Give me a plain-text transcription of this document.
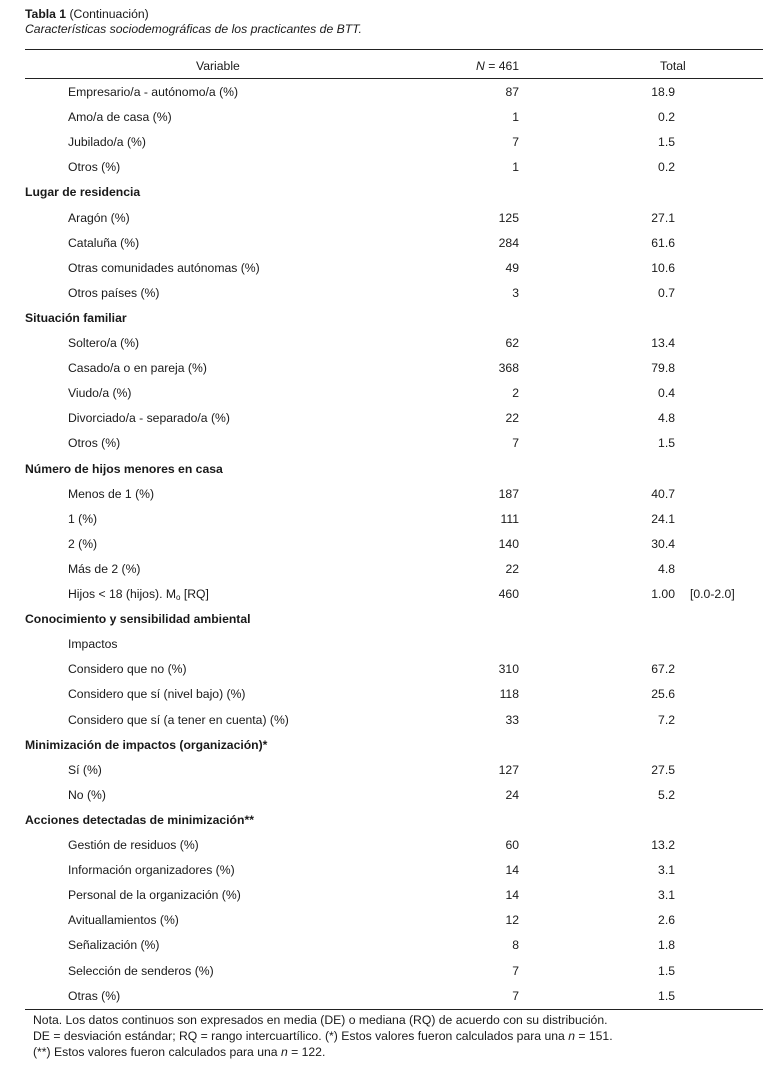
Tabla 1 (Continuación)
Características sociodemográficas de los practicantes de BTT.
Variable	N = 461	Total
Empresario/a - autónomo/a (%)	87	18.9
Amo/a de casa (%)	1	0.2
Jubilado/a (%)	7	1.5
Otros (%)	1	0.2
Lugar de residencia
Aragón (%)	125	27.1
Cataluña (%)	284	61.6
Otras comunidades autónomas (%)	49	10.6
Otros países (%)	3	0.7
Situación familiar
Soltero/a (%)	62	13.4
Casado/a o en pareja (%)	368	79.8
Viudo/a (%)	2	0.4
Divorciado/a - separado/a (%)	22	4.8
Otros (%)	7	1.5
Número de hijos menores en casa
Menos de 1 (%)	187	40.7
1 (%)	111	24.1
2 (%)	140	30.4
Más de 2 (%)	22	4.8
Hijos < 18 (hijos). $M_o$ [RQ]	460	1.00 [0.0-2.0]
Conocimiento y sensibilidad ambiental
Impactos
Considero que no (%)	310	67.2
Considero que sí (nivel bajo) (%)	118	25.6
Considero que sí (a tener en cuenta) (%)	33	7.2
Minimización de impactos (organización)*
Sí (%)	127	27.5
No (%)	24	5.2
Acciones detectadas de minimización**
Gestión de residuos (%)	60	13.2
Información organizadores (%)	14	3.1
Personal de la organización (%)	14	3.1
Avituallamientos (%)	12	2.6
Señalización (%)	8	1.8
Selección de senderos (%)	7	1.5
Otras (%)	7	1.5
Nota. Los datos continuos son expresados en media (DE) o mediana (RQ) de acuerdo con su distribución.
DE = desviación estándar; RQ = rango intercuartílico. (*) Estos valores fueron calculados para una n = 151.
(**) Estos valores fueron calculados para una n = 122.
